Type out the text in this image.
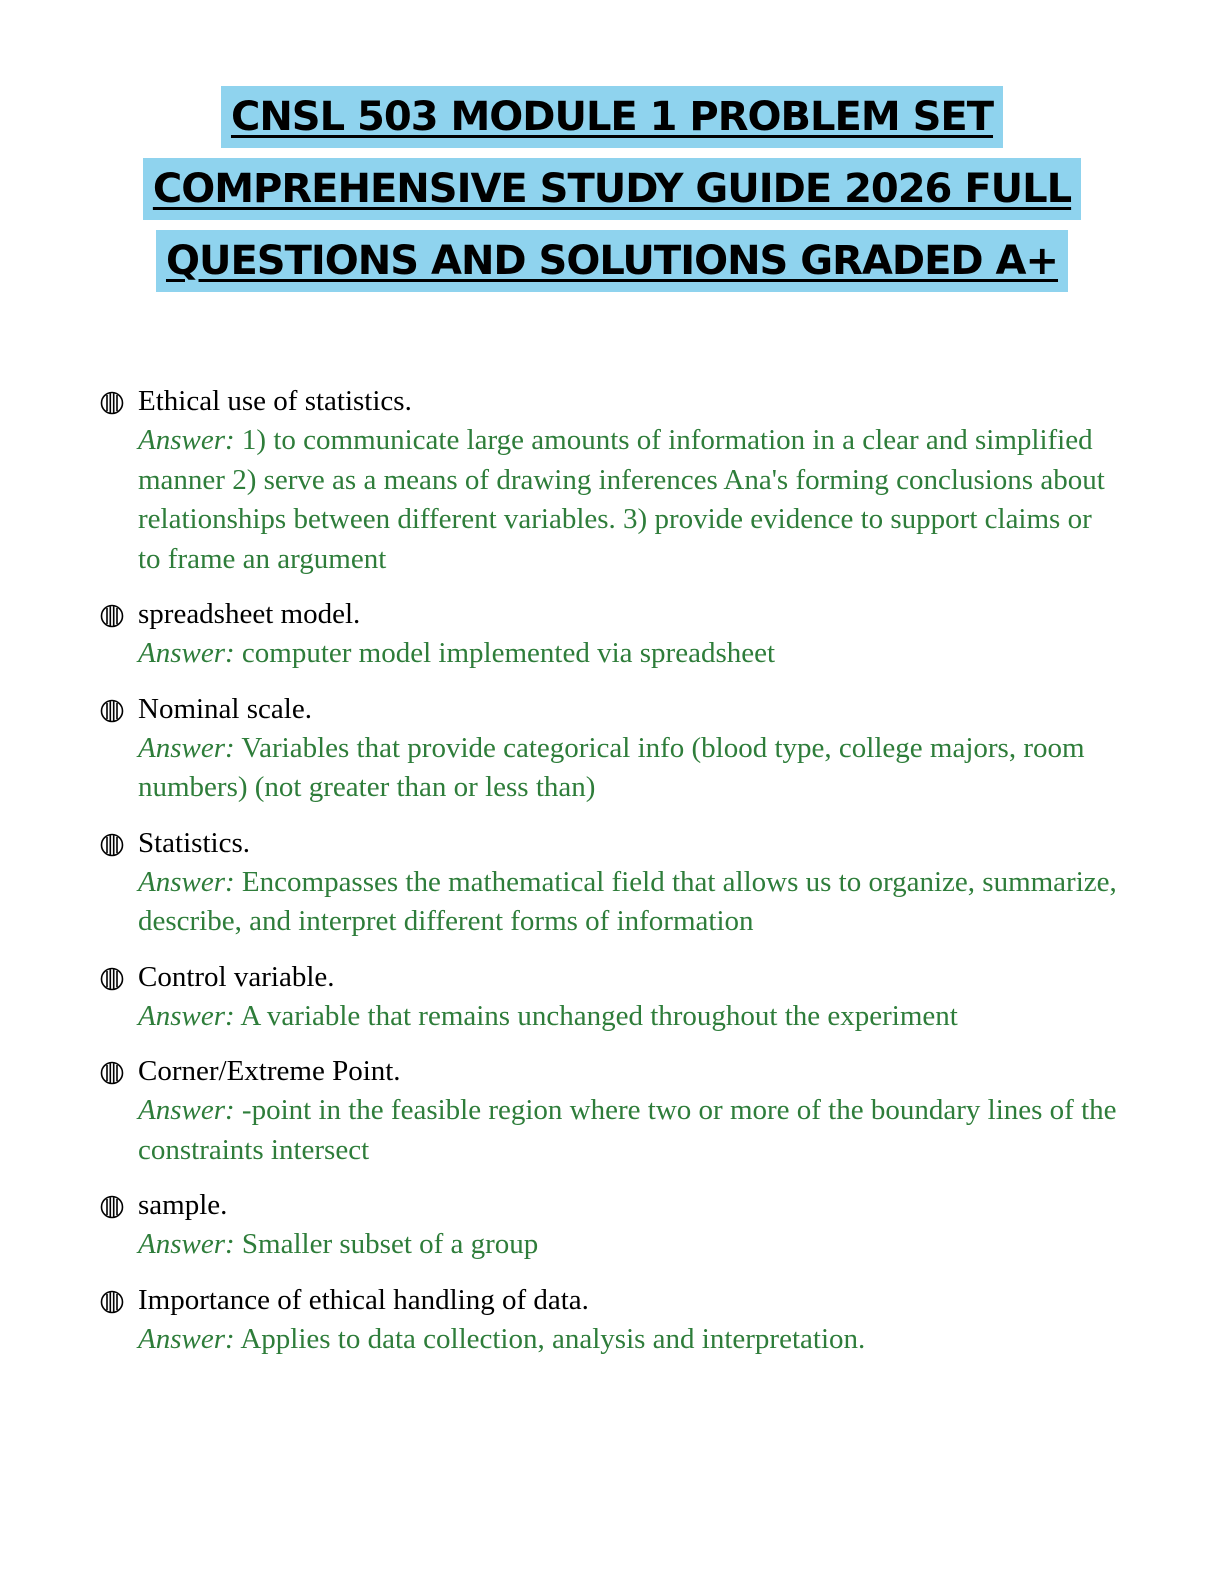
CNSL 503 MODULE 1 PROBLEM SET
COMPREHENSIVE STUDY GUIDE 2026 FULL
QUESTIONS AND SOLUTIONS GRADED A+
Ethical use of statistics.
Answer: 1) to communicate large amounts of information in a clear and simplified manner 2) serve as a means of drawing inferences Ana's forming conclusions about relationships between different variables. 3) provide evidence to support claims or to frame an argument
spreadsheet model.
Answer: computer model implemented via spreadsheet
Nominal scale.
Answer: Variables that provide categorical info (blood type, college majors, room numbers) (not greater than or less than)
Statistics.
Answer: Encompasses the mathematical field that allows us to organize, summarize, describe, and interpret different forms of information
Control variable.
Answer: A variable that remains unchanged throughout the experiment
Corner/Extreme Point.
Answer: -point in the feasible region where two or more of the boundary lines of the constraints intersect
sample.
Answer: Smaller subset of a group
Importance of ethical handling of data.
Answer: Applies to data collection, analysis and interpretation.
